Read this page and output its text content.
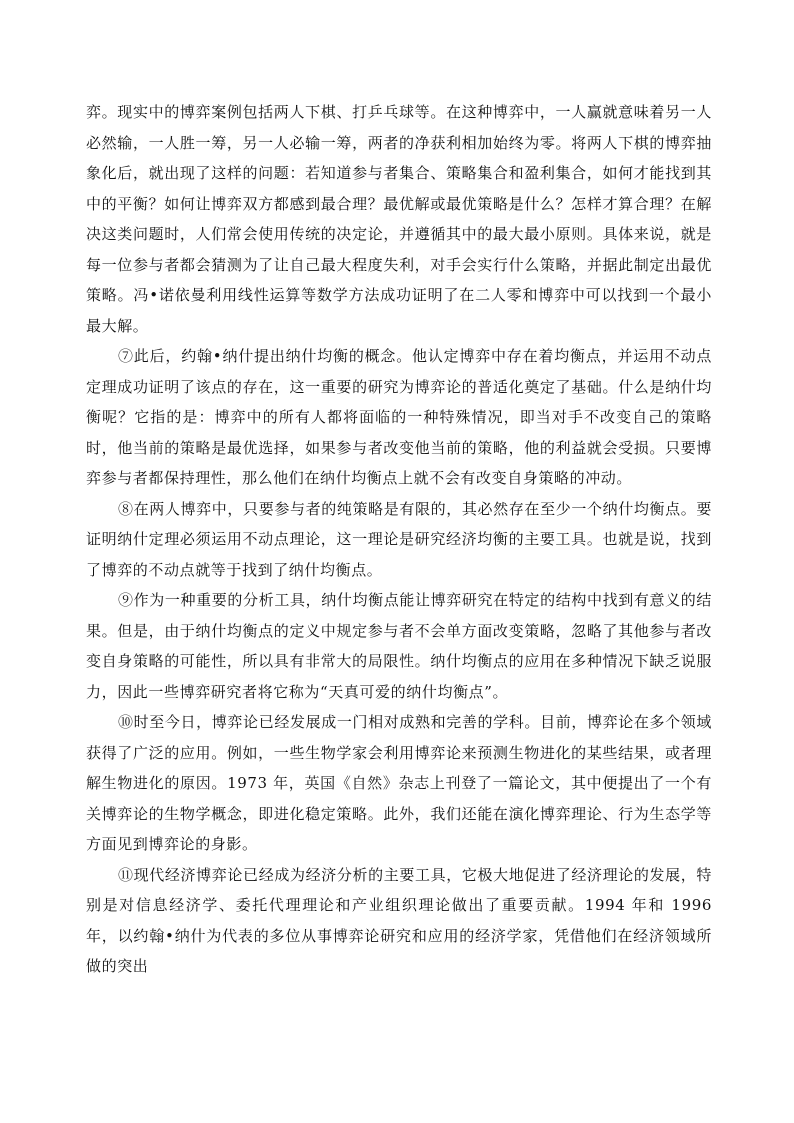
弈。现实中的博弈案例包括两人下棋、打乒乓球等。在这种博弈中，一人赢就意味着另一人必然输，一人胜一筹，另一人必输一筹，两者的净获利相加始终为零。将两人下棋的博弈抽象化后，就出现了这样的问题：若知道参与者集合、策略集合和盈利集合，如何才能找到其中的平衡？如何让博弈双方都感到最合理？最优解或最优策略是什么？怎样才算合理？在解决这类问题时，人们常会使用传统的决定论，并遵循其中的最大最小原则。具体来说，就是每一位参与者都会猜测为了让自己最大程度失利，对手会实行什么策略，并据此制定出最优策略。冯•诺依曼利用线性运算等数学方法成功证明了在二人零和博弈中可以找到一个最小最大解。

⑦此后，约翰•纳什提出纳什均衡的概念。他认定博弈中存在着均衡点，并运用不动点定理成功证明了该点的存在，这一重要的研究为博弈论的普适化奠定了基础。什么是纳什均衡呢？它指的是：博弈中的所有人都将面临的一种特殊情况，即当对手不改变自己的策略时，他当前的策略是最优选择，如果参与者改变他当前的策略，他的利益就会受损。只要博弈参与者都保持理性，那么他们在纳什均衡点上就不会有改变自身策略的冲动。

⑧在两人博弈中，只要参与者的纯策略是有限的，其必然存在至少一个纳什均衡点。要证明纳什定理必须运用不动点理论，这一理论是研究经济均衡的主要工具。也就是说，找到了博弈的不动点就等于找到了纳什均衡点。

⑨作为一种重要的分析工具，纳什均衡点能让博弈研究在特定的结构中找到有意义的结果。但是，由于纳什均衡点的定义中规定参与者不会单方面改变策略，忽略了其他参与者改变自身策略的可能性，所以具有非常大的局限性。纳什均衡点的应用在多种情况下缺乏说服力，因此一些博弈研究者将它称为“天真可爱的纳什均衡点”。

⑩时至今日，博弈论已经发展成一门相对成熟和完善的学科。目前，博弈论在多个领域获得了广泛的应用。例如，一些生物学家会利用博弈论来预测生物进化的某些结果，或者理解生物进化的原因。1973 年，英国《自然》杂志上刊登了一篇论文，其中便提出了一个有关博弈论的生物学概念，即进化稳定策略。此外，我们还能在演化博弈理论、行为生态学等方面见到博弈论的身影。

⑪现代经济博弈论已经成为经济分析的主要工具，它极大地促进了经济理论的发展，特别是对信息经济学、委托代理理论和产业组织理论做出了重要贡献。1994 年和 1996 年，以约翰•纳什为代表的多位从事博弈论研究和应用的经济学家，凭借他们在经济领域所做的突出
